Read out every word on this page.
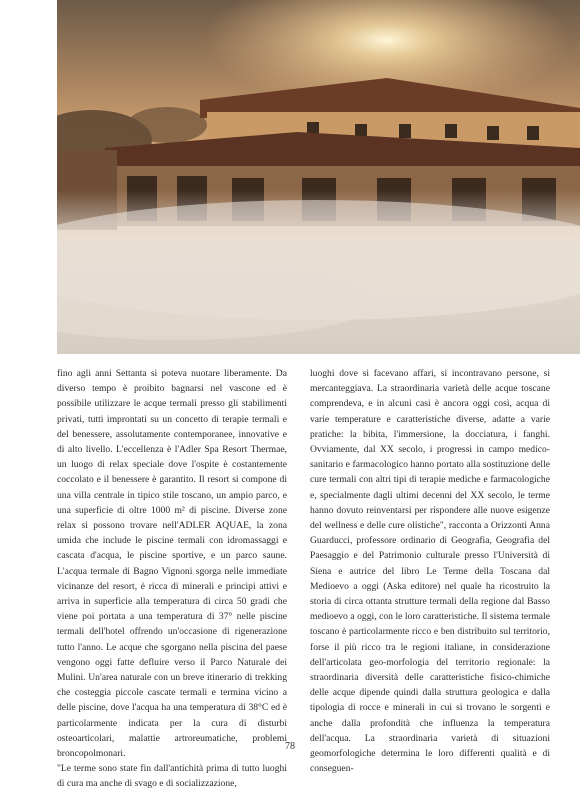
fino agli anni Settanta si poteva nuotare liberamente. Da diverso tempo è proibito bagnarsi nel vascone ed è possibile utilizzare le acque termali presso gli stabilimenti privati, tutti improntati su un concetto di terapie termali e del benessere, assolutamente contemporanee, innovative e di alto livello. L'eccellenza è l'Adler Spa Resort Thermae, un luogo di relax speciale dove l'ospite è costantemente coccolato e il benessere è garantito. Il resort si compone di una villa centrale in tipico stile toscano, un ampio parco, e una superficie di oltre 1000 m² di piscine. Diverse zone relax si possono trovare nell'ADLER AQUAE, la zona umida che include le piscine termali con idromassaggi e cascata d'acqua, le piscine sportive, e un parco saune. L'acqua termale di Bagno Vignoni sgorga nelle immediate vicinanze del resort, è ricca di minerali e principi attivi e arriva in superficie alla temperatura di circa 50 gradi che viene poi portata a una temperatura di 37° nelle piscine termali dell'hotel offrendo un'occasione di rigenerazione tutto l'anno. Le acque che sgorgano nella piscina del paese vengono oggi fatte defluire verso il Parco Naturale dei Mulini. Un'area naturale con un breve itinerario di trekking che costeggia piccole cascate termali e termina vicino a delle piscine, dove l'acqua ha una temperatura di 38°C ed è particolarmente indicata per la cura di disturbi osteoarticolari, malattie artroreumatiche, problemi broncopolmonari.

"Le terme sono state fin dall'antichità prima di tutto luoghi di cura ma anche di svago e di socializzazione,

luoghi dove si facevano affari, si incontravano persone, si mercanteggiava. La straordinaria varietà delle acque toscane comprendeva, e in alcuni casi è ancora oggi così, acqua di varie temperature e caratteristiche diverse, adatte a varie pratiche: la bibita, l'immersione, la docciatura, i fanghi. Ovviamente, dal XX secolo, i progressi in campo medico-sanitario e farmacologico hanno portato alla sostituzione delle cure termali con altri tipi di terapie mediche e farmacologiche e, specialmente dagli ultimi decenni del XX secolo, le terme hanno dovuto reinventarsi per rispondere alle nuove esigenze del wellness e delle cure olistiche", racconta a Orizzonti Anna Guarducci, professore ordinario di Geografia, Geografia del Paesaggio e del Patrimonio culturale presso l'Università di Siena e autrice del libro Le Terme della Toscana dal Medioevo a oggi (Aska editore) nel quale ha ricostruito la storia di circa ottanta strutture termali della regione dal Basso medioevo a oggi, con le loro caratteristiche. Il sistema termale toscano è particolarmente ricco e ben distribuito sul territorio, forse il più ricco tra le regioni italiane, in considerazione dell'articolata geo-morfologia del territorio regionale: la straordinaria diversità delle caratteristiche fisico-chimiche delle acque dipende quindi dalla struttura geologica e dalla tipologia di rocce e minerali in cui si trovano le sorgenti e anche dalla profondità che influenza la temperatura dell'acqua. La straordinaria varietà di situazioni geomorfologiche determina le loro differenti qualità e di conseguen-

78
